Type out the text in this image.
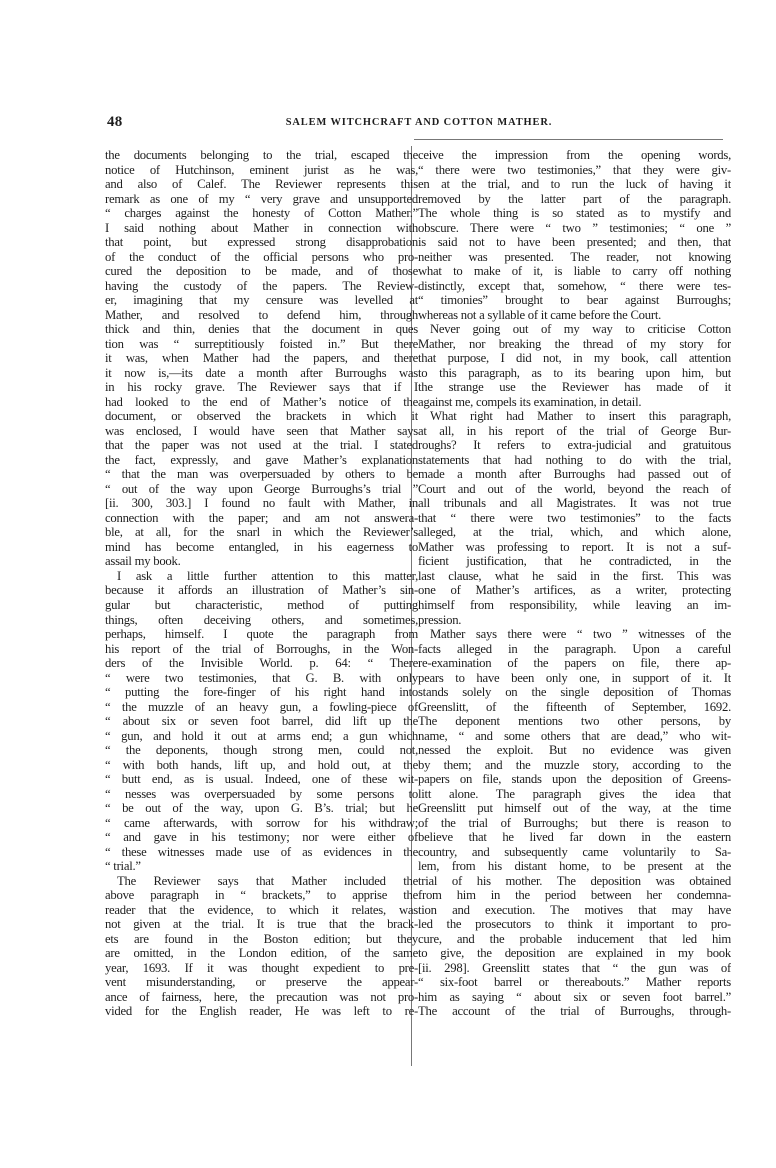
48	SALEM WITCHCRAFT AND COTTON MATHER.
the documents belonging to the trial, escaped the
notice of Hutchinson, eminent jurist as he was,
and also of Calef. The Reviewer represents this
remark as one of my “ very grave and unsupported
“ charges against the honesty of Cotton Mather.”
I said nothing about Mather in connection with
that point, but expressed strong disapprobation
of the conduct of the official persons who pro-
cured the deposition to be made, and of those
having the custody of the papers. The Review-
er, imagining that my censure was levelled at
Mather, and resolved to defend him, through
thick and thin, denies that the document in ques
tion was “ surreptitiously foisted in.” But there
it was, when Mather had the papers, and there
it now is,—its date a month after Burroughs was
in his rocky grave. The Reviewer says that if I
had looked to the end of Mather’s notice of the
document, or observed the brackets in which it
was enclosed, I would have seen that Mather says
that the paper was not used at the trial. I stated
the fact, expressly, and gave Mather’s explanation
“ that the man was overpersuaded by others to be
“ out of the way upon George Burroughs’s trial ”
[ii. 300, 303.] I found no fault with Mather, in
connection with the paper; and am not answera-
ble, at all, for the snarl in which the Reviewer’s
mind has become entangled, in his eagerness to
assail my book.
I ask a little further attention to this matter,
because it affords an illustration of Mather’s sin-
gular but characteristic, method of putting
things, often deceiving others, and sometimes,
perhaps, himself. I quote the paragraph from
his report of the trial of Borroughs, in the Won-
ders of the Invisible World. p. 64: “ There
“ were two testimonies, that G. B. with only
“ putting the fore-finger of his right hand into
“ the muzzle of an heavy gun, a fowling-piece of
“ about six or seven foot barrel, did lift up the
“ gun, and hold it out at arms end; a gun which
“ the deponents, though strong men, could not,
“ with both hands, lift up, and hold out, at the
“ butt end, as is usual. Indeed, one of these wit-
“ nesses was overpersuaded by some persons to
“ be out of the way, upon G. B’s. trial; but he
“ came afterwards, with sorrow for his withdraw;
“ and gave in his testimony; nor were either of
“ these witnesses made use of as evidences in the
“ trial.”
The Reviewer says that Mather included the
above paragraph in “ brackets,” to apprise the
reader that the evidence, to which it relates, was
not given at the trial. It is true that the brack-
ets are found in the Boston edition; but they
are omitted, in the London edition, of the same
year, 1693. If it was thought expedient to pre-
vent misunderstanding, or preserve the appear-
ance of fairness, here, the precaution was not pro-
vided for the English reader, He was left to re-
ceive the impression from the opening words,
“ there were two testimonies,” that they were giv-
en at the trial, and to run the luck of having it
removed by the latter part of the paragraph.
The whole thing is so stated as to mystify and
obscure. There were “ two ” testimonies; “ one ”
is said not to have been presented; and then, that
neither was presented. The reader, not knowing
what to make of it, is liable to carry off nothing
distinctly, except that, somehow, “ there were tes-
“ timonies” brought to bear against Burroughs;
whereas not a syllable of it came before the Court.
Never going out of my way to criticise Cotton
Mather, nor breaking the thread of my story for
that purpose, I did not, in my book, call attention
to this paragraph, as to its bearing upon him, but
the strange use the Reviewer has made of it
against me, compels its examination, in detail.
What right had Mather to insert this paragraph,
at all, in his report of the trial of George Bur-
roughs? It refers to extra-judicial and gratuitous
statements that had nothing to do with the trial,
made a month after Burroughs had passed out of
Court and out of the world, beyond the reach of
all tribunals and all Magistrates. It was not true
that “ there were two testimonies” to the facts
alleged, at the trial, which, and which alone,
Mather was professing to report. It is not a suf-
ficient justification, that he contradicted, in the
last clause, what he said in the first. This was
one of Mather’s artifices, as a writer, protecting
himself from responsibility, while leaving an im-
pression.
Mather says there were “ two ” witnesses of the
facts alleged in the paragraph. Upon a careful
re-examination of the papers on file, there ap-
pears to have been only one, in support of it. It
stands solely on the single deposition of Thomas
Greenslitt, of the fifteenth of September, 1692.
The deponent mentions two other persons, by
name, “ and some others that are dead,” who wit-
nessed the exploit. But no evidence was given
by them; and the muzzle story, according to the
papers on file, stands upon the deposition of Greens-
litt alone. The paragraph gives the idea that
Greenslitt put himself out of the way, at the time
of the trial of Burroughs; but there is reason to
believe that he lived far down in the eastern
country, and subsequently came voluntarily to Sa-
lem, from his distant home, to be present at the
trial of his mother. The deposition was obtained
from him in the period between her condemna-
tion and execution. The motives that may have
led the prosecutors to think it important to pro-
cure, and the probable inducement that led him
to give, the deposition are explained in my book
[ii. 298]. Greenslitt states that “ the gun was of
“ six-foot barrel or thereabouts.” Mather reports
him as saying “ about six or seven foot barrel.”
The account of the trial of Burroughs, through-
